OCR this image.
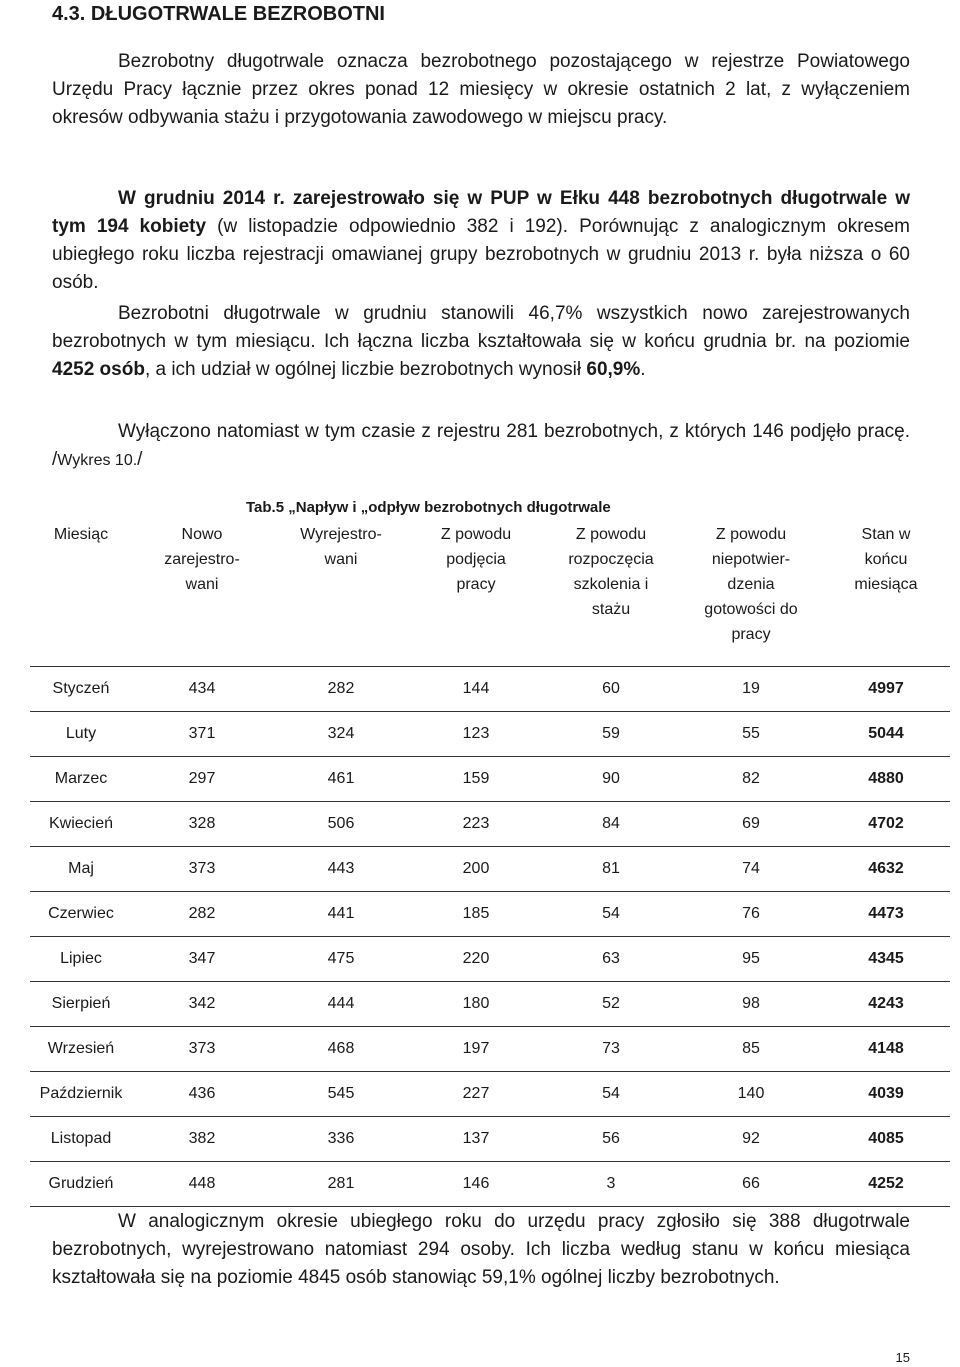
4.3. DŁUGOTRWALE BEZROBOTNI

Bezrobotny długotrwale oznacza bezrobotnego pozostającego w rejestrze Powiatowego Urzędu Pracy łącznie przez okres ponad 12 miesięcy w okresie ostatnich 2 lat, z wyłączeniem okresów odbywania stażu i przygotowania zawodowego w miejscu pracy.

W grudniu 2014 r. zarejestrowało się w PUP w Ełku 448 bezrobotnych długotrwale w tym 194 kobiety (w listopadzie odpowiednio 382 i 192). Porównując z analogicznym okresem ubiegłego roku liczba rejestracji omawianej grupy bezrobotnych w grudniu 2013 r. była niższa o 60 osób.

Bezrobotni długotrwale w grudniu stanowili 46,7% wszystkich nowo zarejestrowanych bezrobotnych w tym miesiącu. Ich łączna liczba kształtowała się w końcu grudnia br. na poziomie 4252 osób, a ich udział w ogólnej liczbie bezrobotnych wynosił 60,9%.

Wyłączono natomiast w tym czasie z rejestru 281 bezrobotnych, z których 146 podjęło pracę. /Wykres 10./

Tab.5 „Napływ i „odpływ bezrobotnych długotrwale

Miesiąc	Nowo zarejestro-wani	Wyrejestro-wani	Z powodu podjęcia pracy	Z powodu rozpoczęcia szkolenia i stażu	Z powodu niepotwier-dzenia gotowości do pracy	Stan w końcu miesiąca

Styczeń	434	282	144	60	19	4997
Luty	371	324	123	59	55	5044
Marzec	297	461	159	90	82	4880
Kwiecień	328	506	223	84	69	4702
Maj	373	443	200	81	74	4632
Czerwiec	282	441	185	54	76	4473
Lipiec	347	475	220	63	95	4345
Sierpień	342	444	180	52	98	4243
Wrzesień	373	468	197	73	85	4148
Październik	436	545	227	54	140	4039
Listopad	382	336	137	56	92	4085
Grudzień	448	281	146	3	66	4252

W analogicznym okresie ubiegłego roku do urzędu pracy zgłosiło się 388 długotrwale bezrobotnych, wyrejestrowano natomiast 294 osoby. Ich liczba według stanu w końcu miesiąca kształtowała się na poziomie 4845 osób stanowiąc 59,1% ogólnej liczby bezrobotnych.

15
